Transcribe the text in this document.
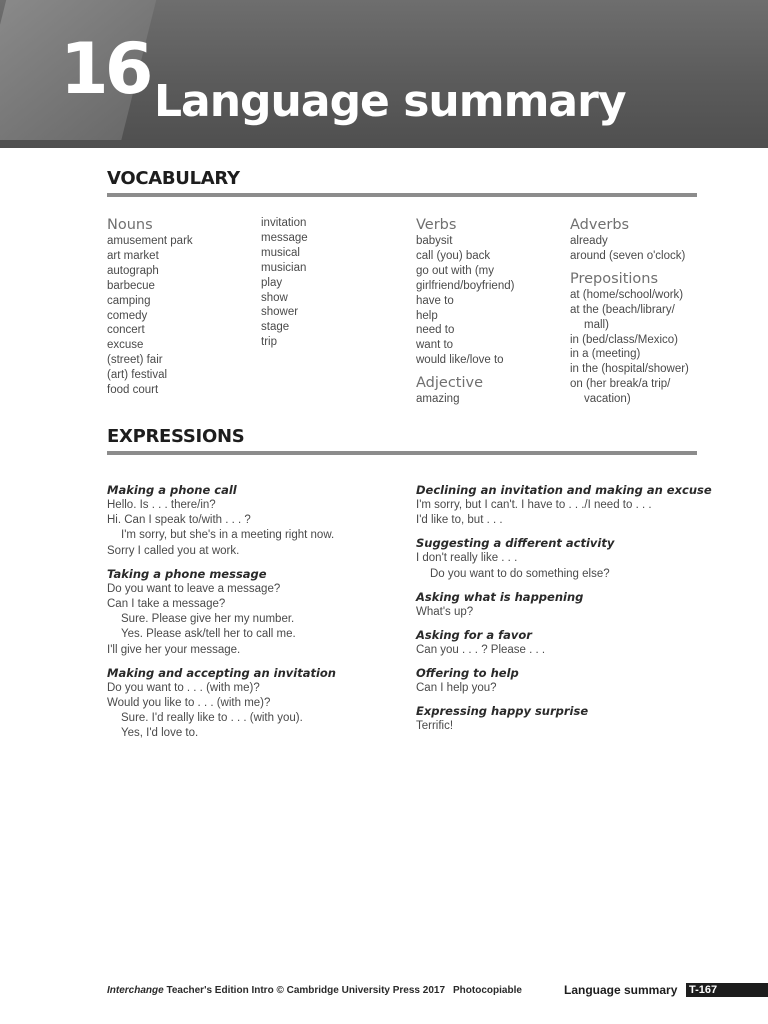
16 Language summary
VOCABULARY
Nouns
amusement park
art market
autograph
barbecue
camping
comedy
concert
excuse
(street) fair
(art) festival
food court
invitation
message
musical
musician
play
show
shower
stage
trip
Verbs
babysit
call (you) back
go out with (my
girlfriend/boyfriend)
have to
help
need to
want to
would like/love to
Adjective
amazing
Adverbs
already
around (seven o'clock)
Prepositions
at (home/school/work)
at the (beach/library/
mall)
in (bed/class/Mexico)
in a (meeting)
in the (hospital/shower)
on (her break/a trip/
vacation)
EXPRESSIONS
Making a phone call
Hello. Is . . . there/in?
Hi. Can I speak to/with . . . ?
I'm sorry, but she's in a meeting right now.
Sorry I called you at work.
Taking a phone message
Do you want to leave a message?
Can I take a message?
Sure. Please give her my number.
Yes. Please ask/tell her to call me.
I'll give her your message.
Making and accepting an invitation
Do you want to . . . (with me)?
Would you like to . . . (with me)?
Sure. I'd really like to . . . (with you).
Yes, I'd love to.
Declining an invitation and making an excuse
I'm sorry, but I can't. I have to . . ./I need to . . .
I'd like to, but . . .
Suggesting a different activity
I don't really like . . .
Do you want to do something else?
Asking what is happening
What's up?
Asking for a favor
Can you . . . ? Please . . .
Offering to help
Can I help you?
Expressing happy surprise
Terrific!
Interchange Teacher's Edition Intro © Cambridge University Press 2017 Photocopiable	Language summary T-167
